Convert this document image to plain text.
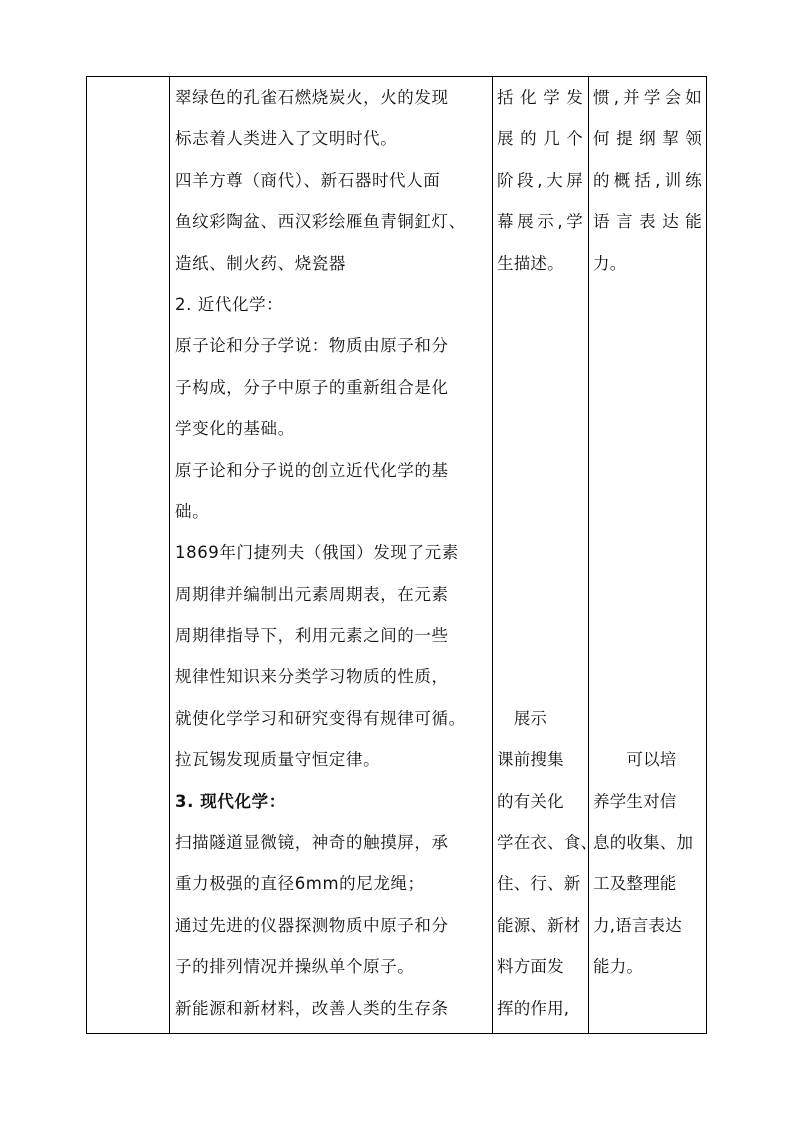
翠绿色的孔雀石燃烧炭火，火的发现
标志着人类进入了文明时代。
四羊方尊（商代）、新石器时代人面
鱼纹彩陶盆、西汉彩绘雁鱼青铜釭灯、
造纸、制火药、烧瓷器
2. 近代化学：
原子论和分子学说：物质由原子和分
子构成，分子中原子的重新组合是化
学变化的基础。
原子论和分子说的创立近代化学的基
础。
1869年门捷列夫（俄国）发现了元素
周期律并编制出元素周期表，在元素
周期律指导下，利用元素之间的一些
规律性知识来分类学习物质的性质，
就使化学学习和研究变得有规律可循。
拉瓦锡发现质量守恒定律。
3. 现代化学：
扫描隧道显微镜，神奇的触摸屏，承
重力极强的直径6mm的尼龙绳；
通过先进的仪器探测物质中原子和分
子的排列情况并操纵单个原子。
新能源和新材料，改善人类的生存条
括化学发
展的几个
阶段,大屏
幕展示,学
生描述。
　展示
课前搜集
的有关化
学在衣、食、
住、行、新
能源、新材
料方面发
挥的作用,
惯,并学会如
何提纲挈领
的概括,训练
语言表达能
力。
　　可以培
养学生对信
息的收集、加
工及整理能
力,语言表达
能力。
